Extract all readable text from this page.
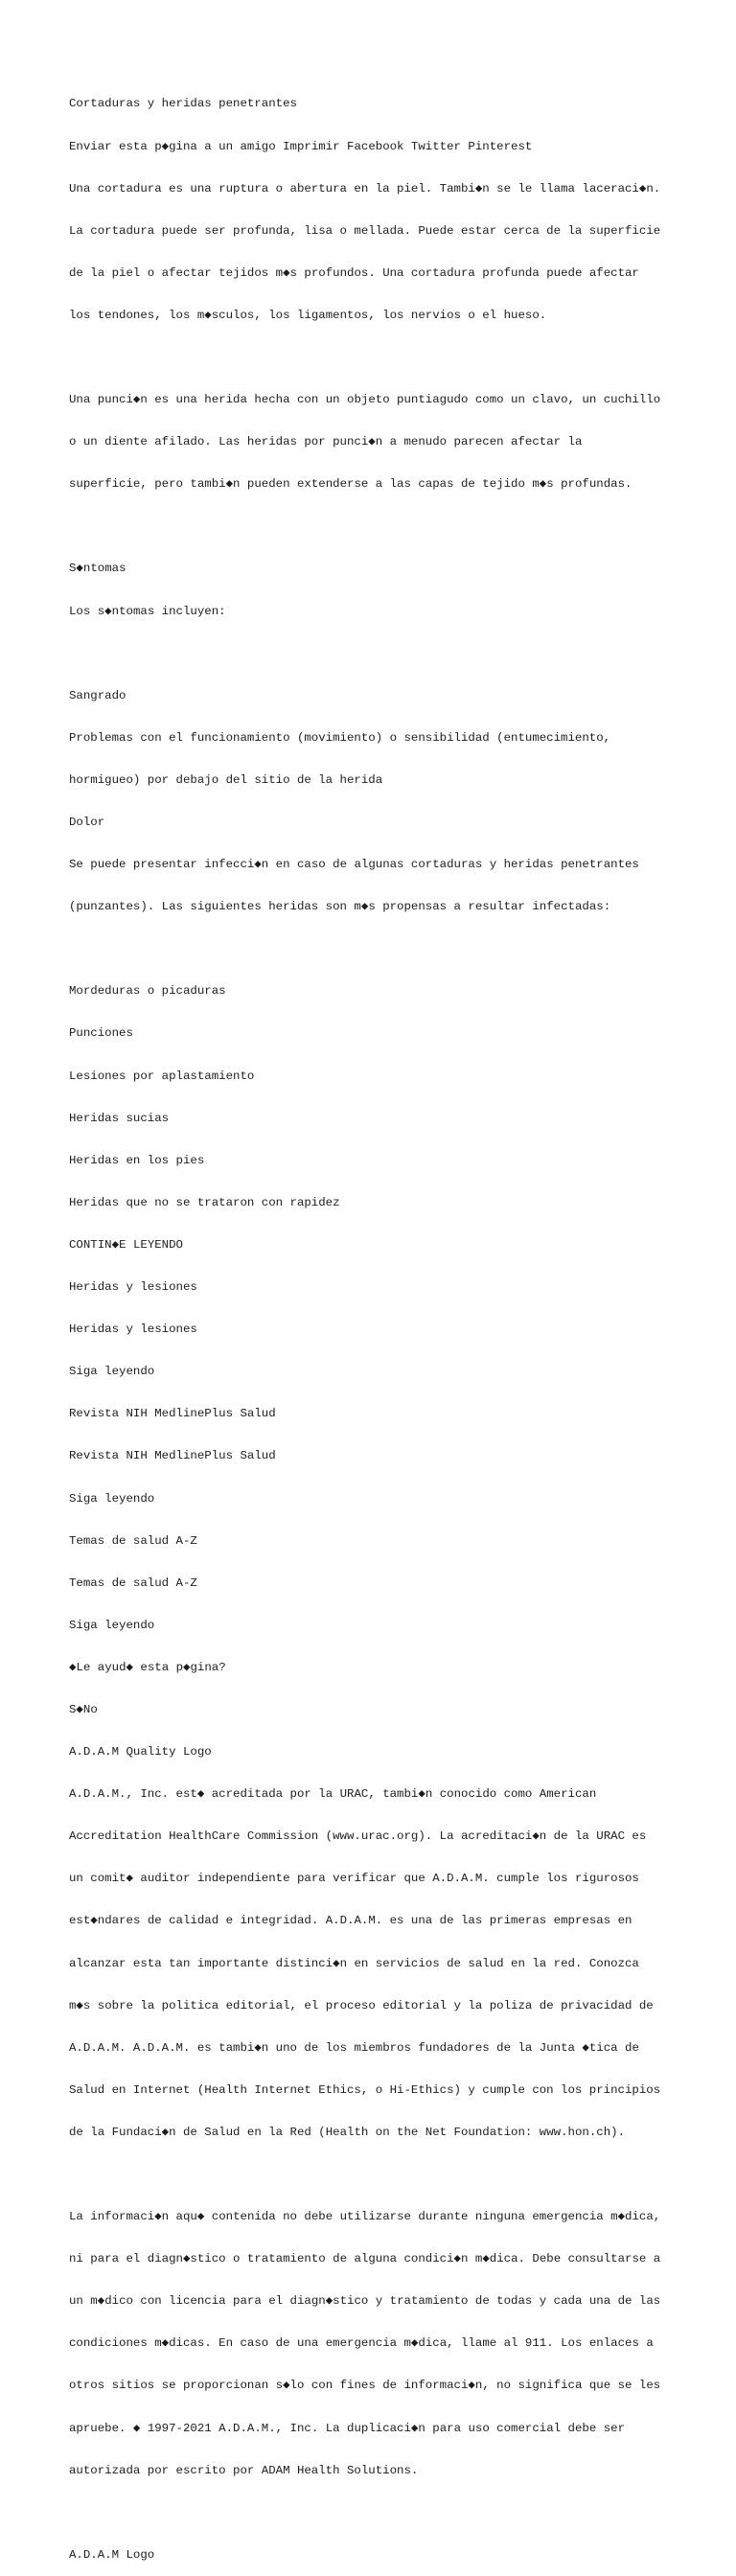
Cortaduras y heridas penetrantes

Enviar esta p◆gina a un amigo Imprimir Facebook Twitter Pinterest

Una cortadura es una ruptura o abertura en la piel. Tambi◆n se le llama laceraci◆n.

La cortadura puede ser profunda, lisa o mellada. Puede estar cerca de la superficie

de la piel o afectar tejidos m◆s profundos. Una cortadura profunda puede afectar

los tendones, los m◆sculos, los ligamentos, los nervios o el hueso.

Una punci◆n es una herida hecha con un objeto puntiagudo como un clavo, un cuchillo

o un diente afilado. Las heridas por punci◆n a menudo parecen afectar la

superficie, pero tambi◆n pueden extenderse a las capas de tejido m◆s profundas.

S◆ntomas

Los s◆ntomas incluyen:

Sangrado

Problemas con el funcionamiento (movimiento) o sensibilidad (entumecimiento,

hormigueo) por debajo del sitio de la herida

Dolor

Se puede presentar infecci◆n en caso de algunas cortaduras y heridas penetrantes

(punzantes). Las siguientes heridas son m◆s propensas a resultar infectadas:

Mordeduras o picaduras

Punciones

Lesiones por aplastamiento

Heridas sucias

Heridas en los pies

Heridas que no se trataron con rapidez

CONTIN◆E LEYENDO

Heridas y lesiones

Heridas y lesiones

Siga leyendo

Revista NIH MedlinePlus Salud

Revista NIH MedlinePlus Salud

Siga leyendo

Temas de salud A-Z

Temas de salud A-Z

Siga leyendo

◆Le ayud◆ esta p◆gina?

S◆No

A.D.A.M Quality Logo

A.D.A.M., Inc. est◆ acreditada por la URAC, tambi◆n conocido como American

Accreditation HealthCare Commission (www.urac.org). La acreditaci◆n de la URAC es

un comit◆ auditor independiente para verificar que A.D.A.M. cumple los rigurosos

est◆ndares de calidad e integridad. A.D.A.M. es una de las primeras empresas en

alcanzar esta tan importante distinci◆n en servicios de salud en la red. Conozca

m◆s sobre la politica editorial, el proceso editorial y la poliza de privacidad de

A.D.A.M. A.D.A.M. es tambi◆n uno de los miembros fundadores de la Junta ◆tica de

Salud en Internet (Health Internet Ethics, o Hi-Ethics) y cumple con los principios

de la Fundaci◆n de Salud en la Red (Health on the Net Foundation: www.hon.ch).

La informaci◆n aqu◆ contenida no debe utilizarse durante ninguna emergencia m◆dica,

ni para el diagn◆stico o tratamiento de alguna condici◆n m◆dica. Debe consultarse a

un m◆dico con licencia para el diagn◆stico y tratamiento de todas y cada una de las

condiciones m◆dicas. En caso de una emergencia m◆dica, llame al 911. Los enlaces a

otros sitios se proporcionan s◆lo con fines de informaci◆n, no significa que se les

apruebe. ◆ 1997-2021 A.D.A.M., Inc. La duplicaci◆n para uso comercial debe ser

autorizada por escrito por ADAM Health Solutions.

A.D.A.M Logo
